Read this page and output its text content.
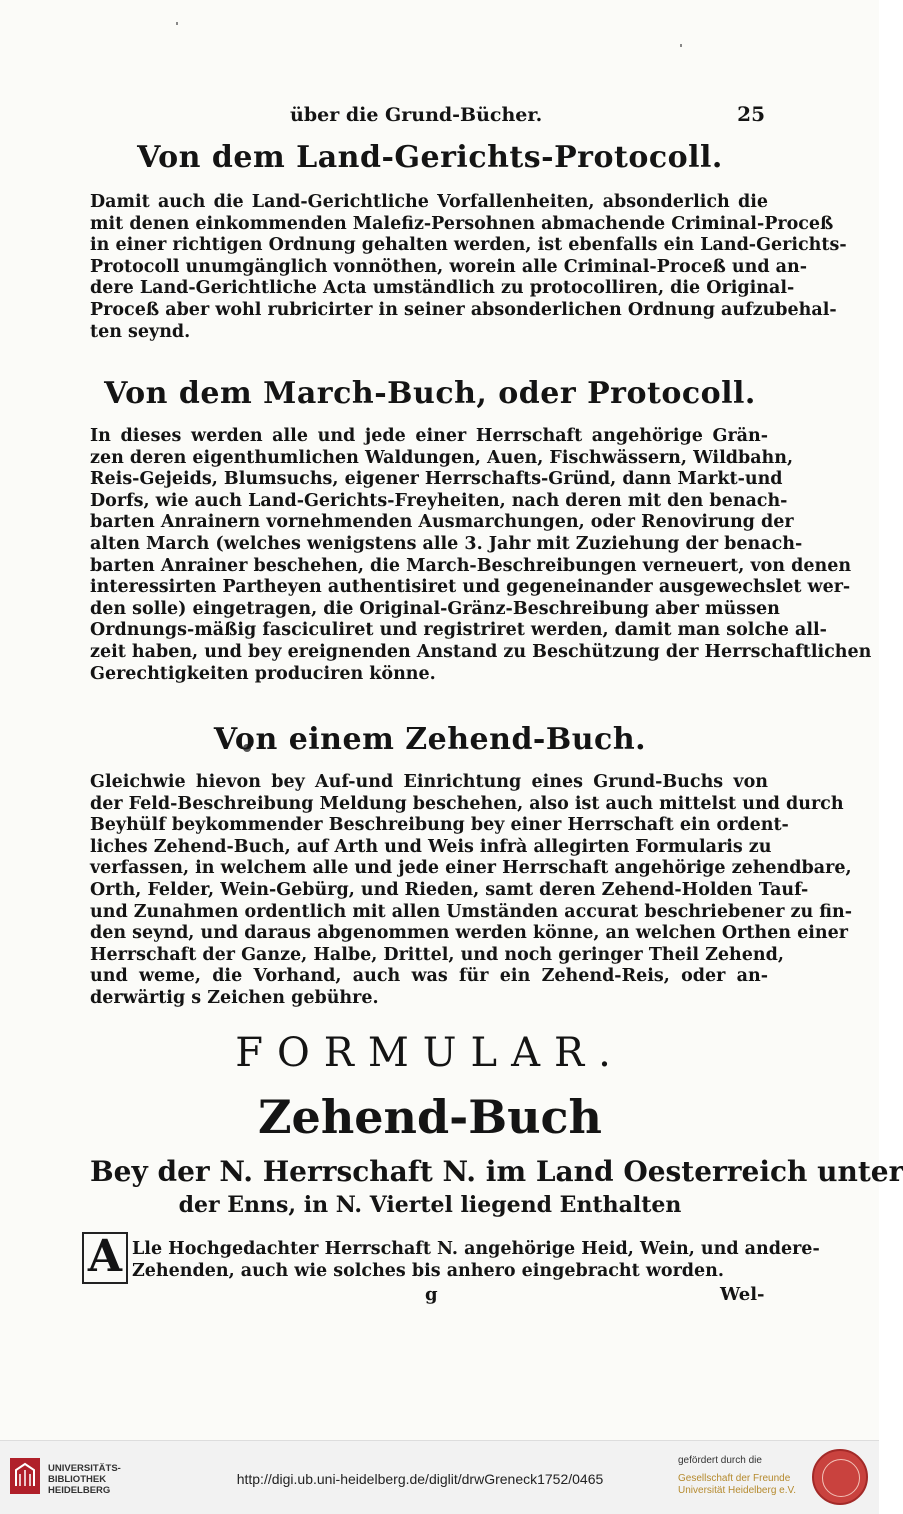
über die Grund-Bücher.	25
Von dem Land-Gerichts-Protocoll.
Damit auch die Land-Gerichtliche Vorfallenheiten, absonderlich die
mit denen einkommenden Malefiz-Persohnen abmachende Criminal-Proceß
in einer richtigen Ordnung gehalten werden, ist ebenfalls ein Land-Gerichts-
Protocoll unumgänglich vonnöthen, worein alle Criminal-Proceß und an-
dere Land-Gerichtliche Acta umständlich zu protocolliren, die Original-
Proceß aber wohl rubricirter in seiner absonderlichen Ordnung aufzubehal-
ten seynd.
Von dem March-Buch, oder Protocoll.
In dieses werden alle und jede einer Herrschaft angehörige Grän-
zen deren eigenthumlichen Waldungen, Auen, Fischwässern, Wildbahn,
Reis-Gejeids, Blumsuchs, eigener Herrschafts-Gründ, dann Markt-und
Dorfs, wie auch Land-Gerichts-Freyheiten, nach deren mit den benach-
barten Anrainern vornehmenden Ausmarchungen, oder Renovirung der
alten March (welches wenigstens alle 3. Jahr mit Zuziehung der benach-
barten Anrainer beschehen, die March-Beschreibungen verneuert, von denen
interessirten Partheyen authentisiret und gegeneinander ausgewechslet wer-
den solle) eingetragen, die Original-Gränz-Beschreibung aber müssen
Ordnungs-mäßig fasciculiret und registriret werden, damit man solche all-
zeit haben, und bey ereignenden Anstand zu Beschützung der Herrschaftlichen
Gerechtigkeiten produciren könne.
Von einem Zehend-Buch.
Gleichwie hievon bey Auf-und Einrichtung eines Grund-Buchs von
der Feld-Beschreibung Meldung beschehen, also ist auch mittelst und durch
Beyhülf beykommender Beschreibung bey einer Herrschaft ein ordent-
liches Zehend-Buch, auf Arth und Weis infrà allegirten Formularis zu
verfassen, in welchem alle und jede einer Herrschaft angehörige zehendbare,
Orth, Felder, Wein-Gebürg, und Rieden, samt deren Zehend-Holden Tauf-
und Zunahmen ordentlich mit allen Umständen accurat beschriebener zu fin-
den seynd, und daraus abgenommen werden könne, an welchen Orthen einer
Herrschaft der Ganze, Halbe, Drittel, und noch geringer Theil Zehend,
und weme, die Vorhand, auch was für ein Zehend-Reis, oder an-
derwärtig s Zeichen gebühre.
FORMULAR.
Zehend-Buch
Bey der N. Herrschaft N. im Land Oesterreich unter
der Enns, in N. Viertel liegend Enthalten
A Lle Hochgedachter Herrschaft N. angehörige Heid, Wein, und andere-
Zehenden, auch wie solches bis anhero eingebracht worden.
g	Wel-
UNIVERSITÄTS-
BIBLIOTHEK
HEIDELBERG
http://digi.ub.uni-heidelberg.de/diglit/drwGreneck1752/0465
gefördert durch die
Gesellschaft der Freunde
Universität Heidelberg e.V.
